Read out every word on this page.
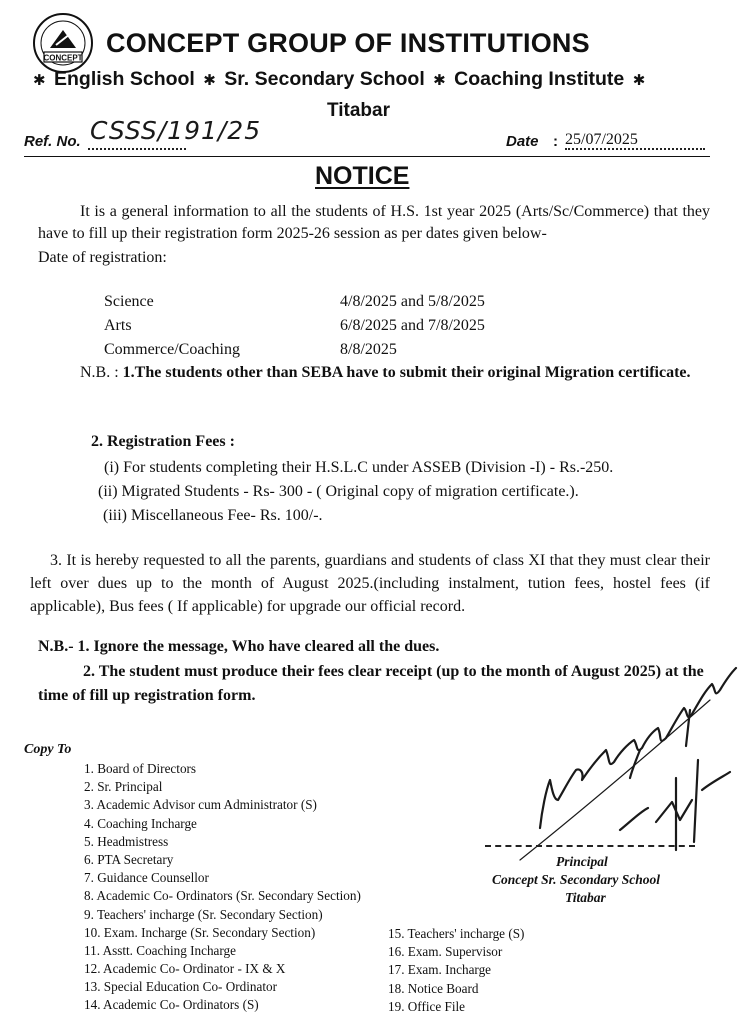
CONCEPT CONCEPT GROUP OF INSTITUTIONS
✱ English School ✱ Sr. Secondary School ✱ Coaching Institute ✱
Titabar
Ref. No. CSSS/191/25	Date : 25/07/2025
NOTICE
It is a general information to all the students of H.S. 1st year 2025 (Arts/Sc/Commerce) that they have to fill up their registration form 2025-26 session as per dates given below-
Date of registration:
Science	4/8/2025 and 5/8/2025
Arts	6/8/2025 and 7/8/2025
Commerce/Coaching	8/8/2025
N.B. : 1.The students other than SEBA have to submit their original Migration certificate.
2. Registration Fees :
(i) For students completing their H.S.L.C under ASSEB (Division -I) - Rs.-250.
(ii) Migrated Students - Rs- 300 - ( Original copy of migration certificate.).
(iii) Miscellaneous Fee- Rs. 100/-.
3. It is hereby requested to all the parents, guardians and students of class XI that they must clear their left over dues up to the month of August 2025.(including instalment, tution fees, hostel fees (if applicable), Bus fees ( If applicable) for upgrade our official record.
N.B.- 1. Ignore the message, Who have cleared all the dues.
2. The student must produce their fees clear receipt (up to the month of August 2025) at the time of fill up registration form.
Copy To
1. Board of Directors
2. Sr. Principal
3. Academic Advisor cum Administrator (S)
4. Coaching Incharge
5. Headmistress
6. PTA Secretary
7. Guidance Counsellor
8. Academic Co- Ordinators (Sr. Secondary Section)
9. Teachers' incharge (Sr. Secondary Section)
10. Exam. Incharge (Sr. Secondary Section)
11. Asstt. Coaching Incharge
12. Academic Co- Ordinator - IX & X
13. Special Education Co- Ordinator
14. Academic Co- Ordinators (S)
15. Teachers' incharge (S)
16. Exam. Supervisor
17. Exam. Incharge
18. Notice Board
19. Office File
Principal
Concept Sr. Secondary School
Titabar
